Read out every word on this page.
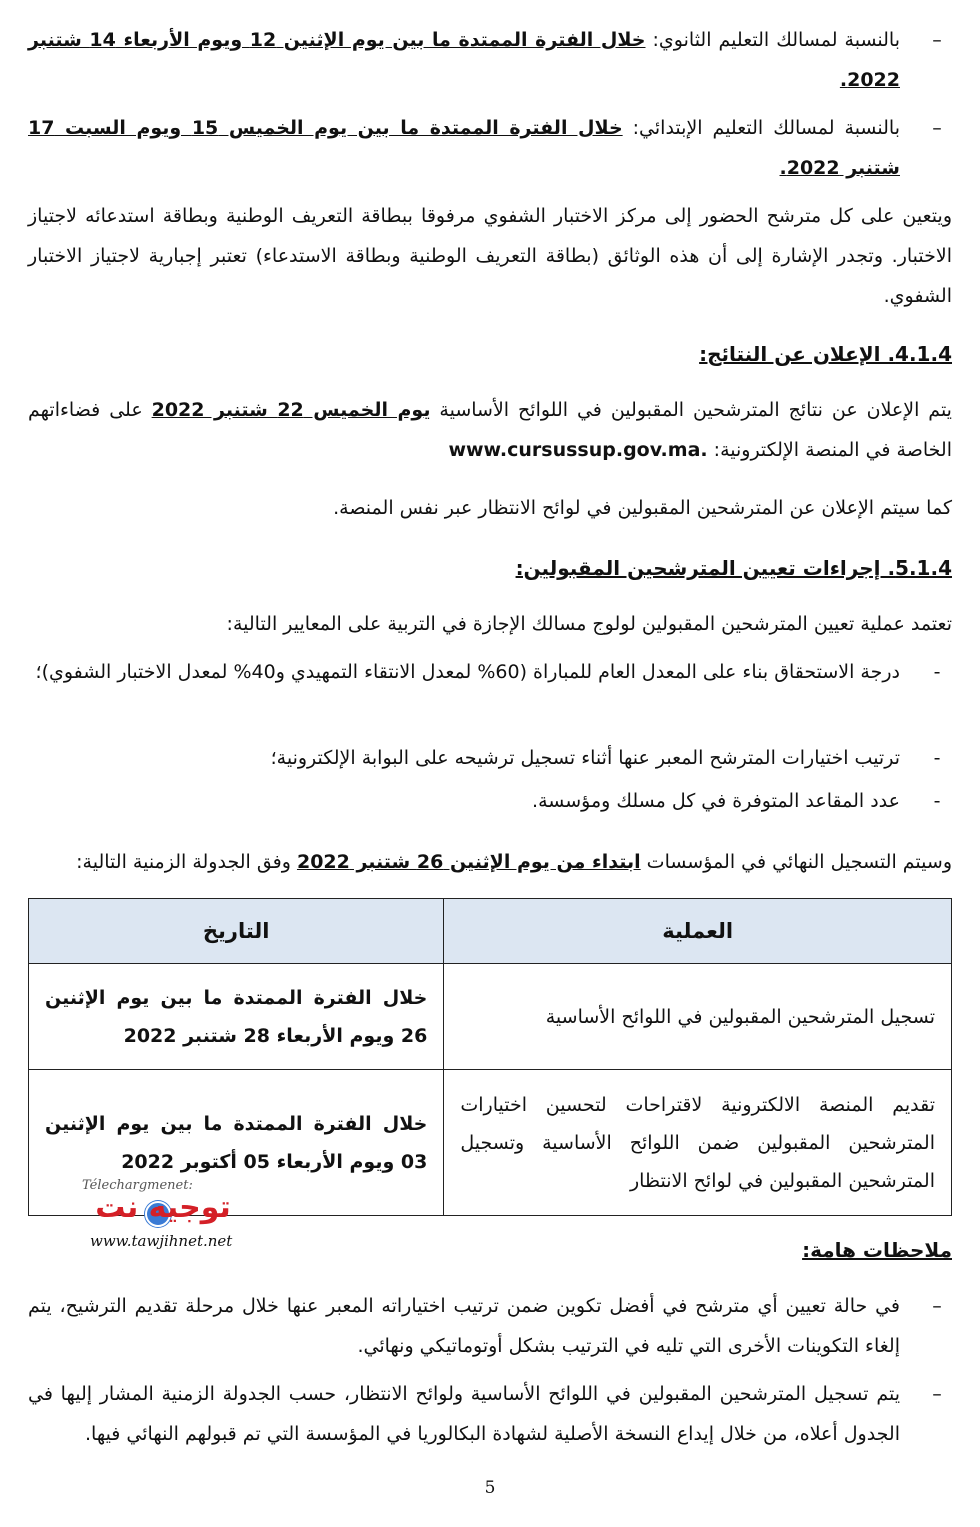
–
بالنسبة لمسالك التعليم الثانوي: خلال الفترة الممتدة ما بين يوم الإثنين 12 ويوم الأربعاء 14 شتنبر 2022.
–
بالنسبة لمسالك التعليم الإبتدائي: خلال الفترة الممتدة ما بين يوم الخميس 15 ويوم السبت 17 شتنبر 2022.
ويتعين على كل مترشح الحضور إلى مركز الاختبار الشفوي مرفوقا ببطاقة التعريف الوطنية وبطاقة استدعائه لاجتياز الاختبار. وتجدر الإشارة إلى أن هذه الوثائق (بطاقة التعريف الوطنية وبطاقة الاستدعاء) تعتبر إجبارية لاجتياز الاختبار الشفوي.
4.1.4. الإعلان عن النتائج:
يتم الإعلان عن نتائج المترشحين المقبولين في اللوائح الأساسية يوم الخميس 22 شتنبر 2022 على فضاءاتهم الخاصة في المنصة الإلكترونية: www.cursussup.gov.ma.
كما سيتم الإعلان عن المترشحين المقبولين في لوائح الانتظار عبر نفس المنصة.
5.1.4. إجراءات تعيين المترشحين المقبولين:
تعتمد عملية تعيين المترشحين المقبولين لولوج مسالك الإجازة في التربية على المعايير التالية:
-
درجة الاستحقاق بناء على المعدل العام للمباراة (60% لمعدل الانتقاء التمهيدي و40% لمعدل الاختبار الشفوي)؛
-
ترتيب اختيارات المترشح المعبر عنها أثناء تسجيل ترشيحه على البوابة الإلكترونية؛
-
عدد المقاعد المتوفرة في كل مسلك ومؤسسة.
وسيتم التسجيل النهائي في المؤسسات ابتداء من يوم الإثنين 26 شتنبر 2022 وفق الجدولة الزمنية التالية:
العملية	التاريخ
تسجيل المترشحين المقبولين في اللوائح الأساسية	خلال الفترة الممتدة ما بين يوم الإثنين 26 ويوم الأربعاء 28 شتنبر 2022
تقديم المنصة الالكترونية لاقتراحات لتحسين اختيارات المترشحين المقبولين ضمن اللوائح الأساسية وتسجيل المترشحين المقبولين في لوائح الانتظار	خلال الفترة الممتدة ما بين يوم الإثنين 03 ويوم الأربعاء 05 أكتوبر 2022
Télechargmenet:
توجيه نت
www.tawjihnet.net	ملاحظات هامة:
–
في حالة تعيين أي مترشح في أفضل تكوين ضمن ترتيب اختياراته المعبر عنها خلال مرحلة تقديم الترشيح، يتم إلغاء التكوينات الأخرى التي تليه في الترتيب بشكل أوتوماتيكي ونهائي.
–
يتم تسجيل المترشحين المقبولين في اللوائح الأساسية ولوائح الانتظار، حسب الجدولة الزمنية المشار إليها في الجدول أعلاه، من خلال إيداع النسخة الأصلية لشهادة البكالوريا في المؤسسة التي تم قبولهم النهائي فيها.
5
